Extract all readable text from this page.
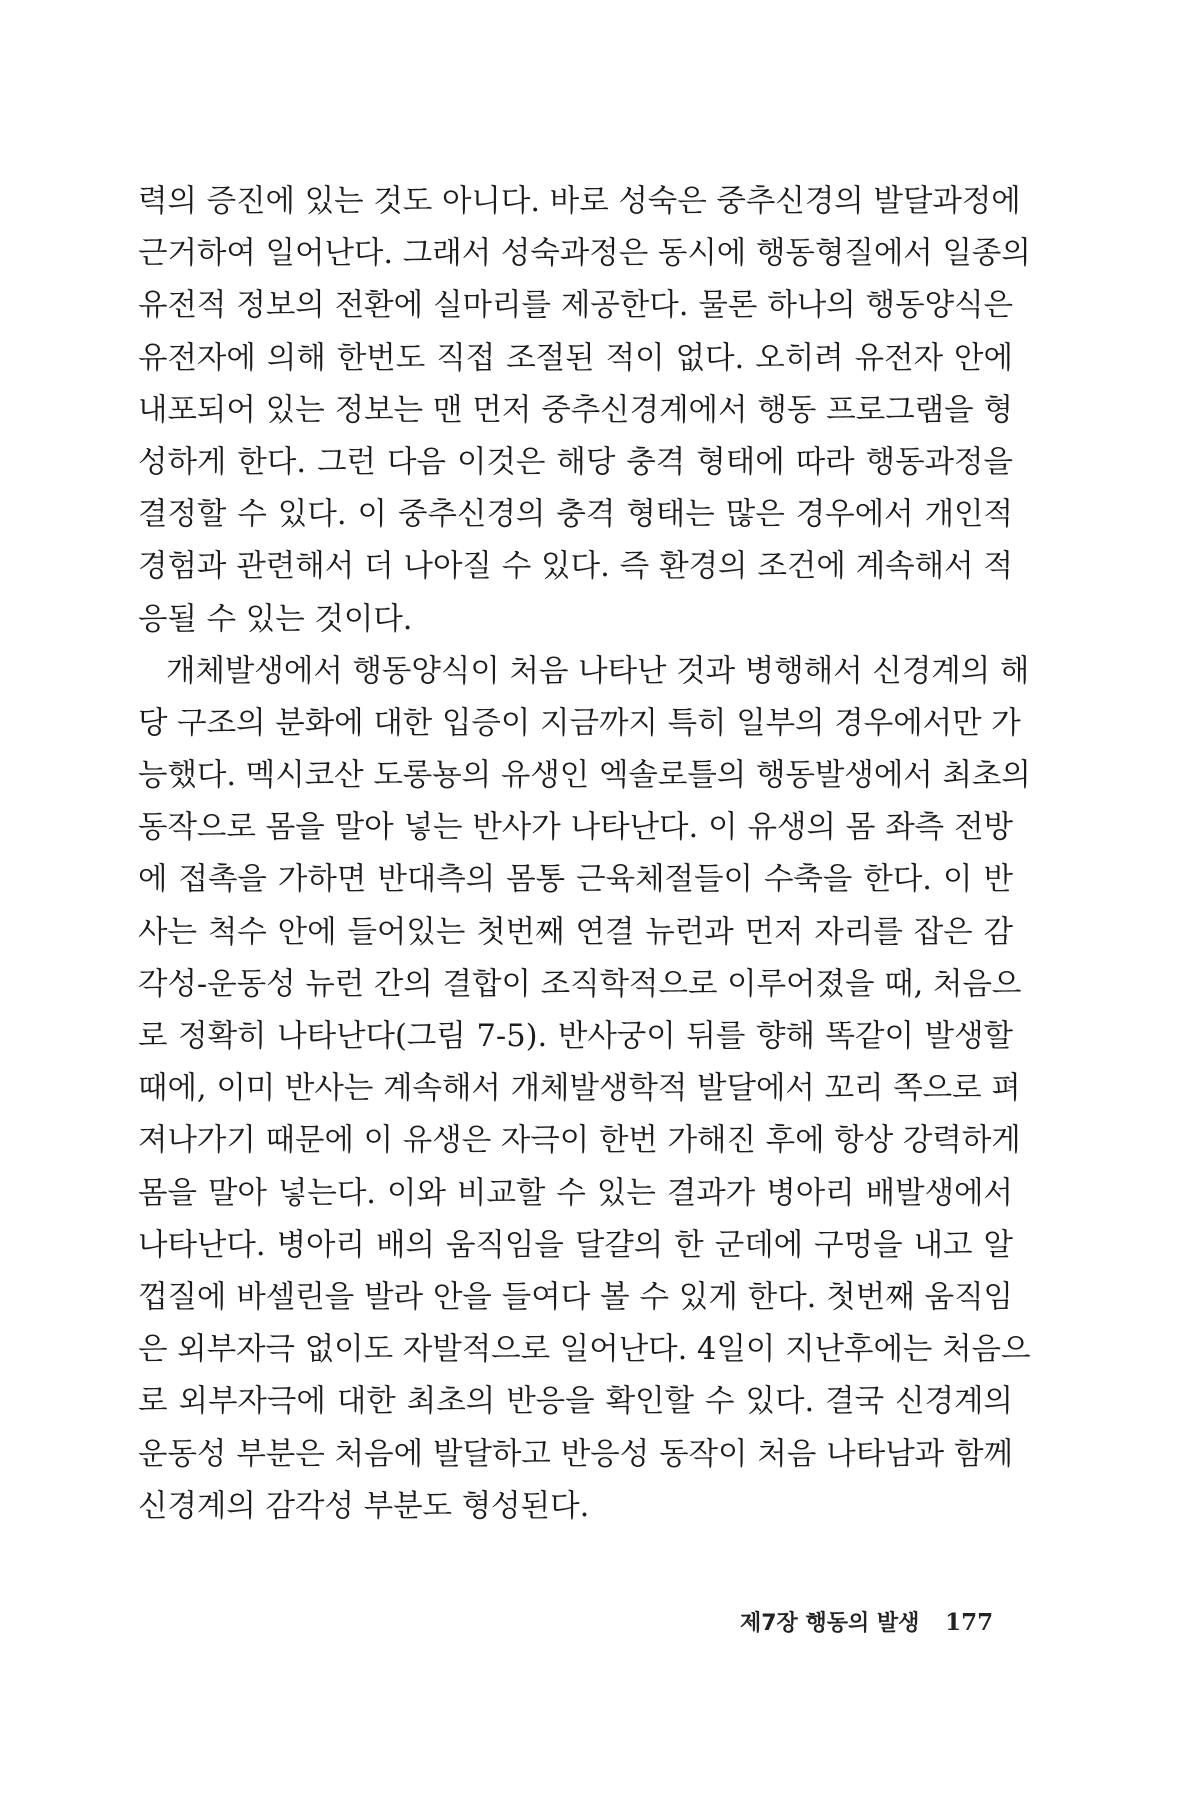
력의 증진에 있는 것도 아니다. 바로 성숙은 중추신경의 발달과정에
근거하여 일어난다. 그래서 성숙과정은 동시에 행동형질에서 일종의
유전적 정보의 전환에 실마리를 제공한다. 물론 하나의 행동양식은
유전자에 의해 한번도 직접 조절된 적이 없다. 오히려 유전자 안에
내포되어 있는 정보는 맨 먼저 중추신경계에서 행동 프로그램을 형
성하게 한다. 그런 다음 이것은 해당 충격 형태에 따라 행동과정을
결정할 수 있다. 이 중추신경의 충격 형태는 많은 경우에서 개인적
경험과 관련해서 더 나아질 수 있다. 즉 환경의 조건에 계속해서 적
응될 수 있는 것이다.
개체발생에서 행동양식이 처음 나타난 것과 병행해서 신경계의 해
당 구조의 분화에 대한 입증이 지금까지 특히 일부의 경우에서만 가
능했다. 멕시코산 도롱뇽의 유생인 엑솔로틀의 행동발생에서 최초의
동작으로 몸을 말아 넣는 반사가 나타난다. 이 유생의 몸 좌측 전방
에 접촉을 가하면 반대측의 몸통 근육체절들이 수축을 한다. 이 반
사는 척수 안에 들어있는 첫번째 연결 뉴런과 먼저 자리를 잡은 감
각성-운동성 뉴런 간의 결합이 조직학적으로 이루어졌을 때, 처음으
로 정확히 나타난다(그림 7-5). 반사궁이 뒤를 향해 똑같이 발생할
때에, 이미 반사는 계속해서 개체발생학적 발달에서 꼬리 쪽으로 펴
져나가기 때문에 이 유생은 자극이 한번 가해진 후에 항상 강력하게
몸을 말아 넣는다. 이와 비교할 수 있는 결과가 병아리 배발생에서
나타난다. 병아리 배의 움직임을 달걀의 한 군데에 구멍을 내고 알
껍질에 바셀린을 발라 안을 들여다 볼 수 있게 한다. 첫번째 움직임
은 외부자극 없이도 자발적으로 일어난다. 4일이 지난후에는 처음으
로 외부자극에 대한 최초의 반응을 확인할 수 있다. 결국 신경계의
운동성 부분은 처음에 발달하고 반응성 동작이 처음 나타남과 함께
신경계의 감각성 부분도 형성된다.
제7장 행동의 발생 177
